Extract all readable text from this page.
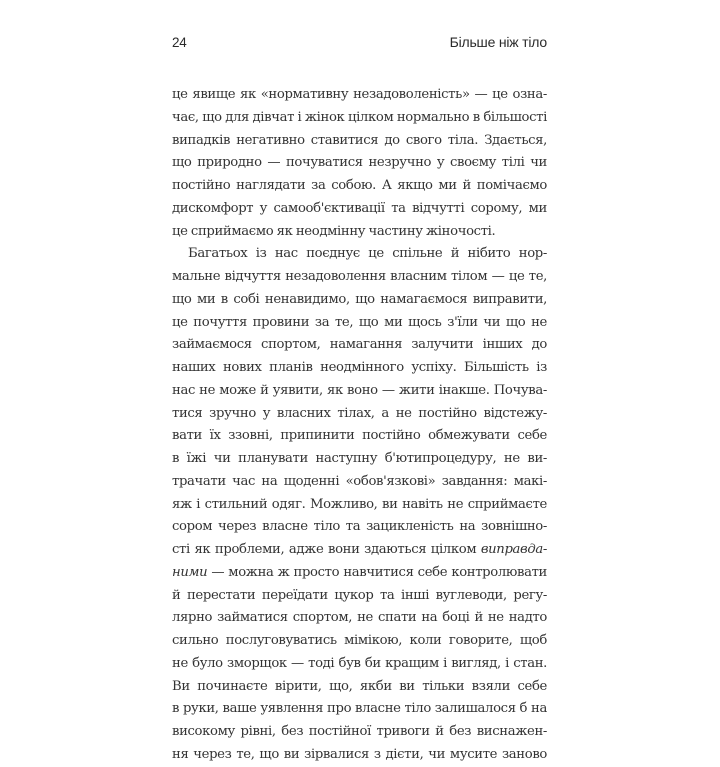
24	Більше ніж тіло
це явище як «нормативну незадоволеність» — це озна-
чає, що для дівчат і жінок цілком нормально в більшості
випадків негативно ставитися до свого тіла. Здається,
що природно — почуватися незручно у своєму тілі чи
постійно наглядати за собою. А якщо ми й помічаємо
дискомфорт у самооб'єктивації та відчутті сорому, ми
це сприймаємо як неодмінну частину жіночості.
Багатьох із нас поєднує це спільне й нібито нор-
мальне відчуття незадоволення власним тілом — це те,
що ми в собі ненавидимо, що намагаємося виправити,
це почуття провини за те, що ми щось з'їли чи що не
займаємося спортом, намагання залучити інших до
наших нових планів неодмінного успіху. Більшість із
нас не може й уявити, як воно — жити інакше. Почува-
тися зручно у власних тілах, а не постійно відстежу-
вати їх ззовні, припинити постійно обмежувати себе
в їжі чи планувати наступну б'ютипроцедуру, не ви-
трачати час на щоденні «обов'язкові» завдання: макі-
яж і стильний одяг. Можливо, ви навіть не сприймаєте
сором через власне тіло та зацикленість на зовнішно-
сті як проблеми, адже вони здаються цілком виправда-
ними — можна ж просто навчитися себе контролювати
й перестати переїдати цукор та інші вуглеводи, регу-
лярно займатися спортом, не спати на боці й не надто
сильно послуговуватись мімікою, коли говорите, щоб
не було зморщок — тоді був би кращим і вигляд, і стан.
Ви починаєте вірити, що, якби ви тільки взяли себе
в руки, ваше уявлення про власне тіло залишалося б на
високому рівні, без постійної тривоги й без виснажен-
ня через те, що ви зірвалися з дієти, чи мусите заново
